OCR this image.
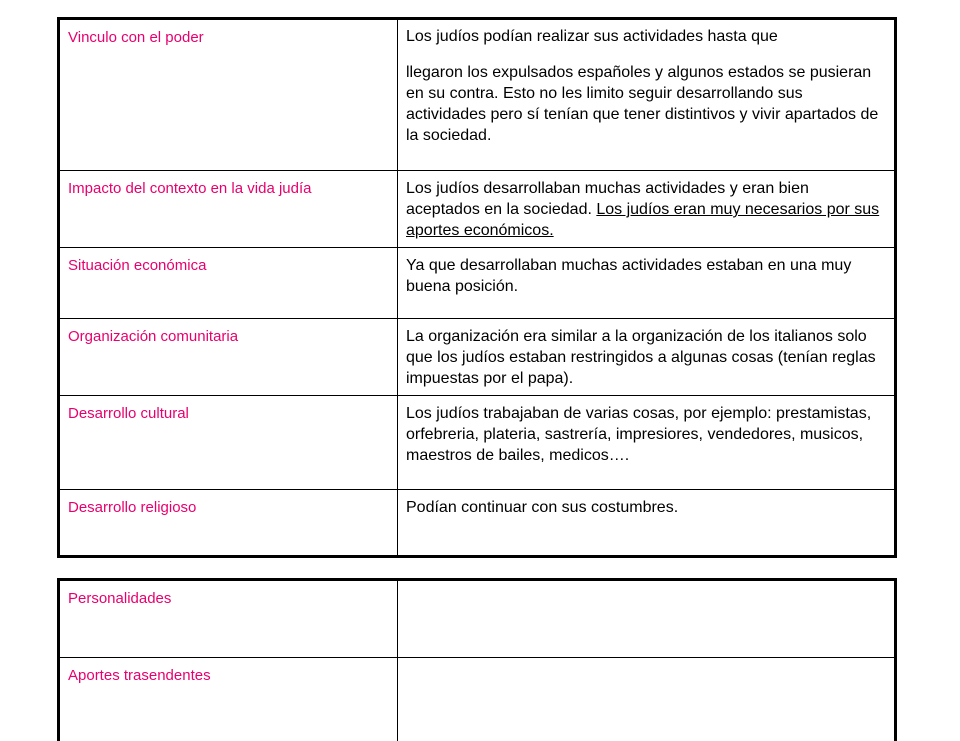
Vinculo con el poder	Los judíos podían realizar sus actividades hasta que
llegaron los expulsados españoles y algunos estados se pusieran en su contra. Esto no les limito seguir desarrollando sus actividades pero sí tenían que tener distintivos y vivir apartados de la sociedad.
Impacto del contexto en la vida judía	Los judíos desarrollaban muchas actividades y eran bien aceptados en la sociedad. Los judíos eran muy necesarios por sus aportes económicos.
Situación económica	Ya que desarrollaban muchas actividades estaban en una muy buena posición.
Organización comunitaria	La organización era similar a la organización de los italianos solo que los judíos estaban restringidos a algunas cosas (tenían reglas impuestas por el papa).
Desarrollo cultural	Los judíos trabajaban de varias cosas, por ejemplo: prestamistas, orfebreria, plateria, sastrería, impresiores, vendedores, musicos, maestros de bailes, medicos….
Desarrollo religioso	Podían continuar con sus costumbres.
Personalidades	
Aportes trasendentes	
